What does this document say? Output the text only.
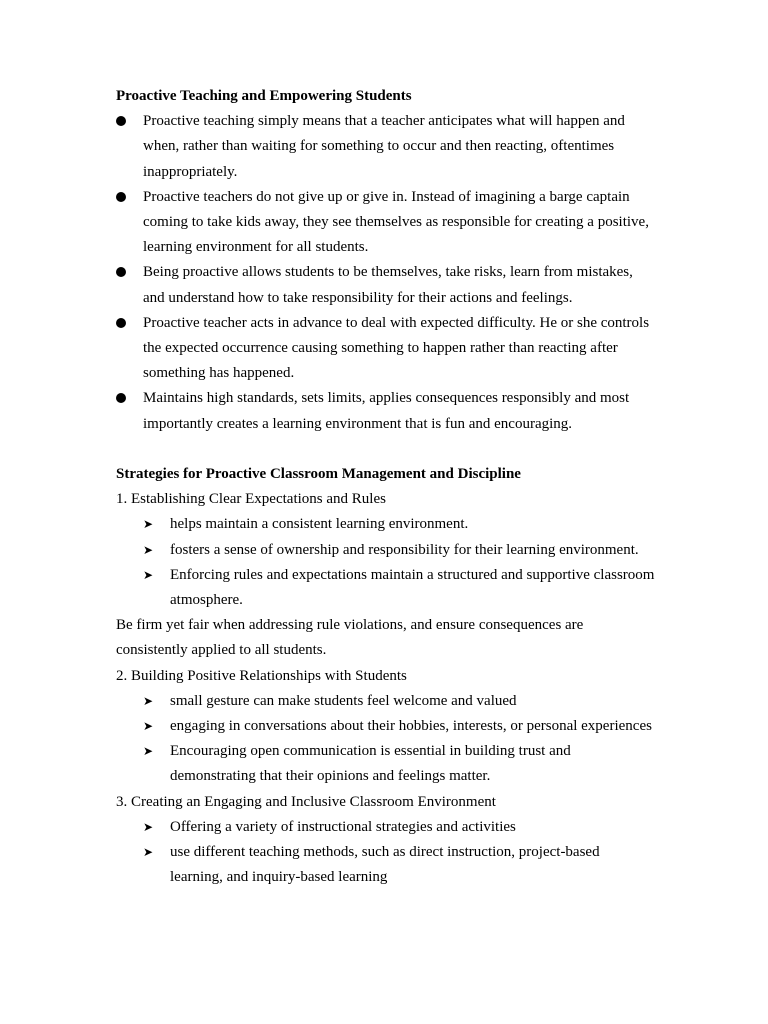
Proactive Teaching and Empowering Students

Proactive teaching simply means that a teacher anticipates what will happen and when, rather than waiting for something to occur and then reacting, oftentimes inappropriately.
Proactive teachers do not give up or give in. Instead of imagining a barge captain coming to take kids away, they see themselves as responsible for creating a positive, learning environment for all students.
Being proactive allows students to be themselves, take risks, learn from mistakes, and understand how to take responsibility for their actions and feelings.
Proactive teacher acts in advance to deal with expected difficulty. He or she controls the expected occurrence causing something to happen rather than reacting after something has happened.
Maintains high standards, sets limits, applies consequences responsibly and most importantly creates a learning environment that is fun and encouraging.

Strategies for Proactive Classroom Management and Discipline

1. Establishing Clear Expectations and Rules

➤ helps maintain a consistent learning environment.
➤ fosters a sense of ownership and responsibility for their learning environment.
➤ Enforcing rules and expectations maintain a structured and supportive classroom atmosphere.

Be firm yet fair when addressing rule violations, and ensure consequences are consistently applied to all students.

2. Building Positive Relationships with Students

➤ small gesture can make students feel welcome and valued
➤ engaging in conversations about their hobbies, interests, or personal experiences
➤ Encouraging open communication is essential in building trust and demonstrating that their opinions and feelings matter.

3. Creating an Engaging and Inclusive Classroom Environment

➤ Offering a variety of instructional strategies and activities
➤ use different teaching methods, such as direct instruction, project-based learning, and inquiry-based learning
